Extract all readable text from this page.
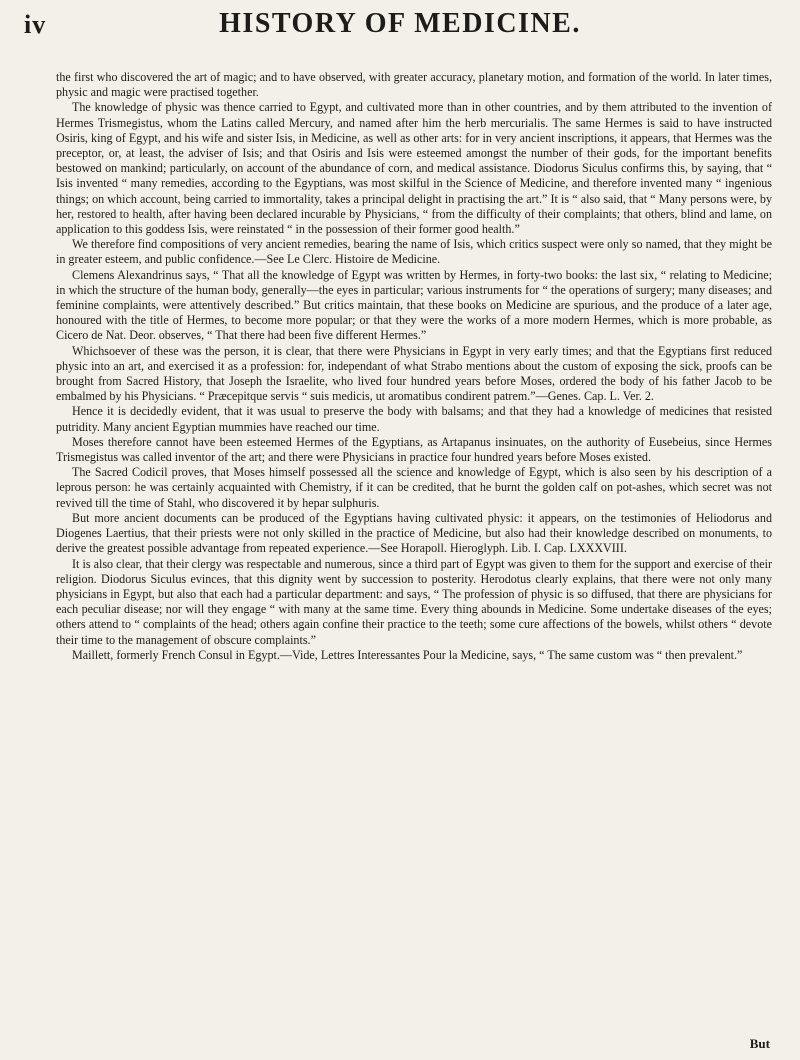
iv	HISTORY OF MEDICINE.

the first who discovered the art of magic; and to have observed, with greater accuracy, planetary motion, and formation of the world. In later times, physic and magic were practised together.

The knowledge of physic was thence carried to Egypt, and cultivated more than in other countries, and by them attributed to the invention of Hermes Trismegistus, whom the Latins called Mercury, and named after him the herb mercurialis. The same Hermes is said to have instructed Osiris, king of Egypt, and his wife and sister Isis, in Medicine, as well as other arts: for in very ancient inscriptions, it appears, that Hermes was the preceptor, or, at least, the adviser of Isis; and that Osiris and Isis were esteemed amongst the number of their gods, for the important benefits bestowed on mankind; particularly, on account of the abundance of corn, and medical assistance. Diodorus Siculus confirms this, by saying, that “ Isis invented “ many remedies, according to the Egyptians, was most skilful in the Science of Medicine, and therefore invented many “ ingenious things; on which account, being carried to immortality, takes a principal delight in practising the art.” It is “ also said, that “ Many persons were, by her, restored to health, after having been declared incurable by Physicians, “ from the difficulty of their complaints; that others, blind and lame, on application to this goddess Isis, were reinstated “ in the possession of their former good health.”

We therefore find compositions of very ancient remedies, bearing the name of Isis, which critics suspect were only so named, that they might be in greater esteem, and public confidence.—See Le Clerc. Histoire de Medicine.

Clemens Alexandrinus says, “ That all the knowledge of Egypt was written by Hermes, in forty-two books: the last six, “ relating to Medicine; in which the structure of the human body, generally—the eyes in particular; various instruments for “ the operations of surgery; many diseases; and feminine complaints, were attentively described.” But critics maintain, that these books on Medicine are spurious, and the produce of a later age, honoured with the title of Hermes, to become more popular; or that they were the works of a more modern Hermes, which is more probable, as Cicero de Nat. Deor. observes, “ That there had been five different Hermes.”

Whichsoever of these was the person, it is clear, that there were Physicians in Egypt in very early times; and that the Egyptians first reduced physic into an art, and exercised it as a profession: for, independant of what Strabo mentions about the custom of exposing the sick, proofs can be brought from Sacred History, that Joseph the Israelite, who lived four hundred years before Moses, ordered the body of his father Jacob to be embalmed by his Physicians. “ Præcepitque servis “ suis medicis, ut aromatibus condirent patrem.”—Genes. Cap. L. Ver. 2.

Hence it is decidedly evident, that it was usual to preserve the body with balsams; and that they had a knowledge of medicines that resisted putridity. Many ancient Egyptian mummies have reached our time.

Moses therefore cannot have been esteemed Hermes of the Egyptians, as Artapanus insinuates, on the authority of Eusebeius, since Hermes Trismegistus was called inventor of the art; and there were Physicians in practice four hundred years before Moses existed.

The Sacred Codicil proves, that Moses himself possessed all the science and knowledge of Egypt, which is also seen by his description of a leprous person: he was certainly acquainted with Chemistry, if it can be credited, that he burnt the golden calf on pot-ashes, which secret was not revived till the time of Stahl, who discovered it by hepar sulphuris.

But more ancient documents can be produced of the Egyptians having cultivated physic: it appears, on the testimonies of Heliodorus and Diogenes Laertius, that their priests were not only skilled in the practice of Medicine, but also had their knowledge described on monuments, to derive the greatest possible advantage from repeated experience.—See Horapoll. Hieroglyph. Lib. I. Cap. LXXXVIII.

It is also clear, that their clergy was respectable and numerous, since a third part of Egypt was given to them for the support and exercise of their religion. Diodorus Siculus evinces, that this dignity went by succession to posterity. Herodotus clearly explains, that there were not only many physicians in Egypt, but also that each had a particular department: and says, “ The profession of physic is so diffused, that there are physicians for each peculiar disease; nor will they engage “ with many at the same time. Every thing abounds in Medicine. Some undertake diseases of the eyes; others attend to “ complaints of the head; others again confine their practice to the teeth; some cure affections of the bowels, whilst others “ devote their time to the management of obscure complaints.”

Maillett, formerly French Consul in Egypt.—Vide, Lettres Interessantes Pour la Medicine, says, “ The same custom was “ then prevalent.”

But
